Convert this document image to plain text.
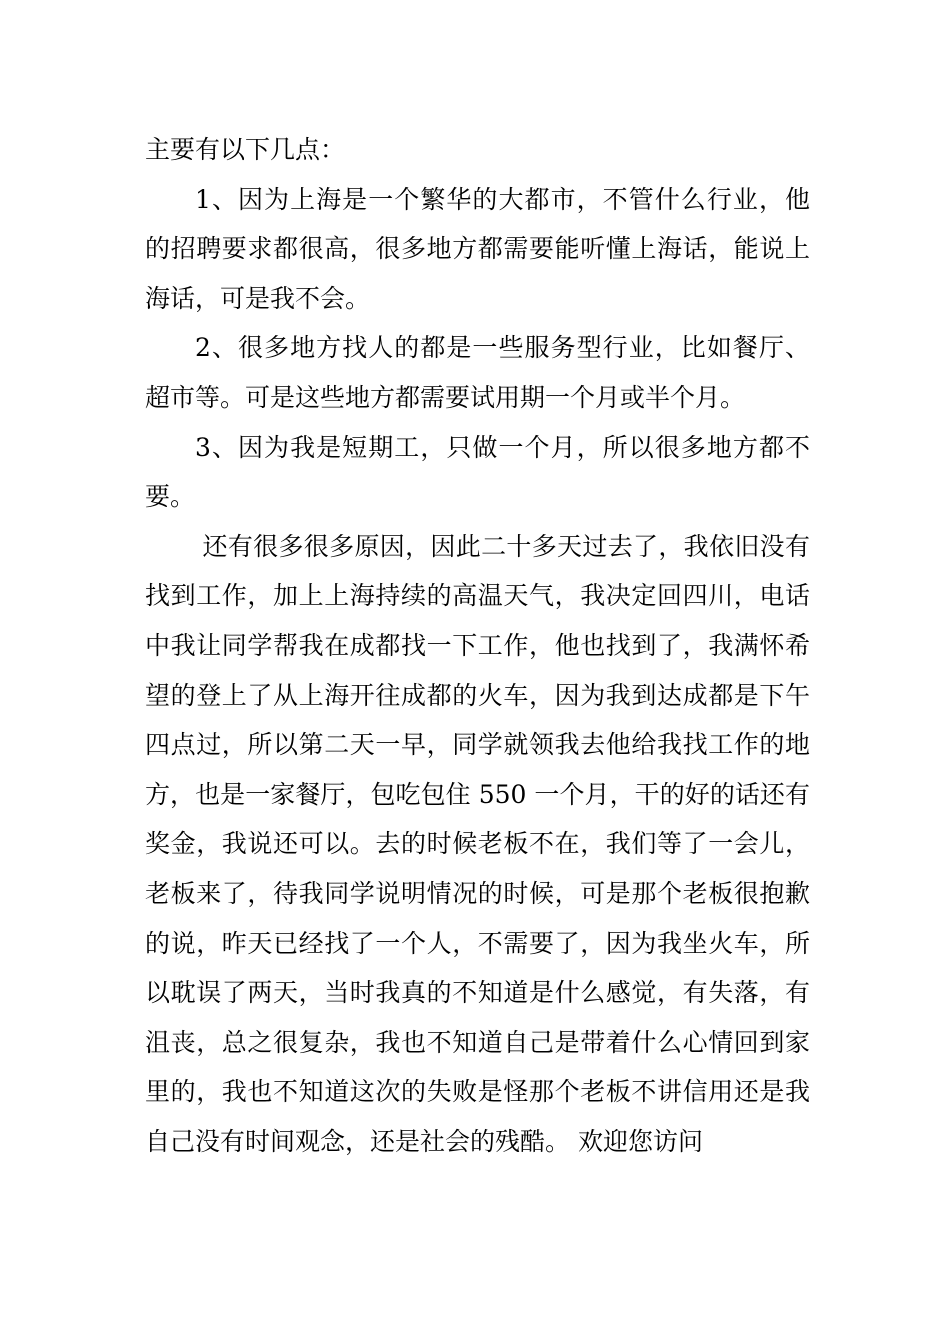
主要有以下几点：

1、因为上海是一个繁华的大都市，不管什么行业，他的招聘要求都很高，很多地方都需要能听懂上海话，能说上海话，可是我不会。

2、很多地方找人的都是一些服务型行业，比如餐厅、超市等。可是这些地方都需要试用期一个月或半个月。

3、因为我是短期工，只做一个月，所以很多地方都不要。

还有很多很多原因，因此二十多天过去了，我依旧没有找到工作，加上上海持续的高温天气，我决定回四川，电话中我让同学帮我在成都找一下工作，他也找到了，我满怀希望的登上了从上海开往成都的火车，因为我到达成都是下午四点过，所以第二天一早，同学就领我去他给我找工作的地方，也是一家餐厅，包吃包住 550 一个月，干的好的话还有奖金，我说还可以。去的时候老板不在，我们等了一会儿，老板来了，待我同学说明情况的时候，可是那个老板很抱歉的说，昨天已经找了一个人，不需要了，因为我坐火车，所以耽误了两天，当时我真的不知道是什么感觉，有失落，有沮丧，总之很复杂，我也不知道自己是带着什么心情回到家里的，我也不知道这次的失败是怪那个老板不讲信用还是我自己没有时间观念，还是社会的残酷。 欢迎您访问
